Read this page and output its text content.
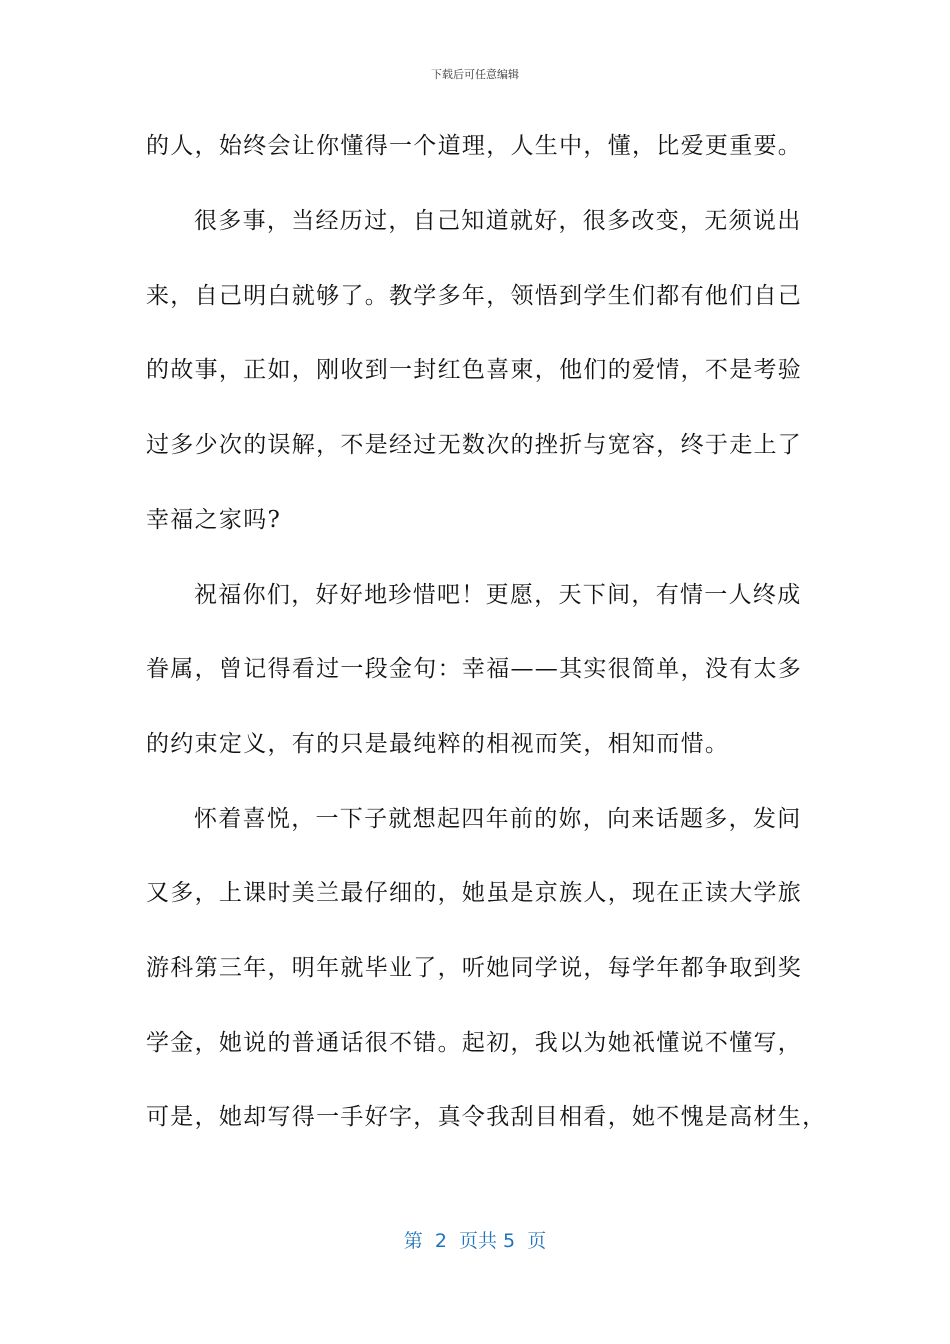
下载后可任意编辑
的人，始终会让你懂得一个道理，人生中，懂，比爱更重要。
很多事，当经历过，自己知道就好，很多改变，无须说出
来，自己明白就够了。教学多年，领悟到学生们都有他们自己
的故事，正如，刚收到一封红色喜柬，他们的爱情，不是考验
过多少次的误解，不是经过无数次的挫折与宽容，终于走上了
幸福之家吗?
祝福你们，好好地珍惜吧！更愿，天下间，有情一人终成
眷属，曾记得看过一段金句：幸福——其实很简单，没有太多
的约束定义，有的只是最纯粹的相视而笑，相知而惜。
怀着喜悦，一下子就想起四年前的妳，向来话题多，发问
又多，上课时美兰最仔细的，她虽是京族人，现在正读大学旅
游科第三年，明年就毕业了，听她同学说，每学年都争取到奖
学金，她说的普通话很不错。起初，我以为她祇懂说不懂写，
可是，她却写得一手好字，真令我刮目相看，她不愧是高材生，
第  2  页共 5  页
